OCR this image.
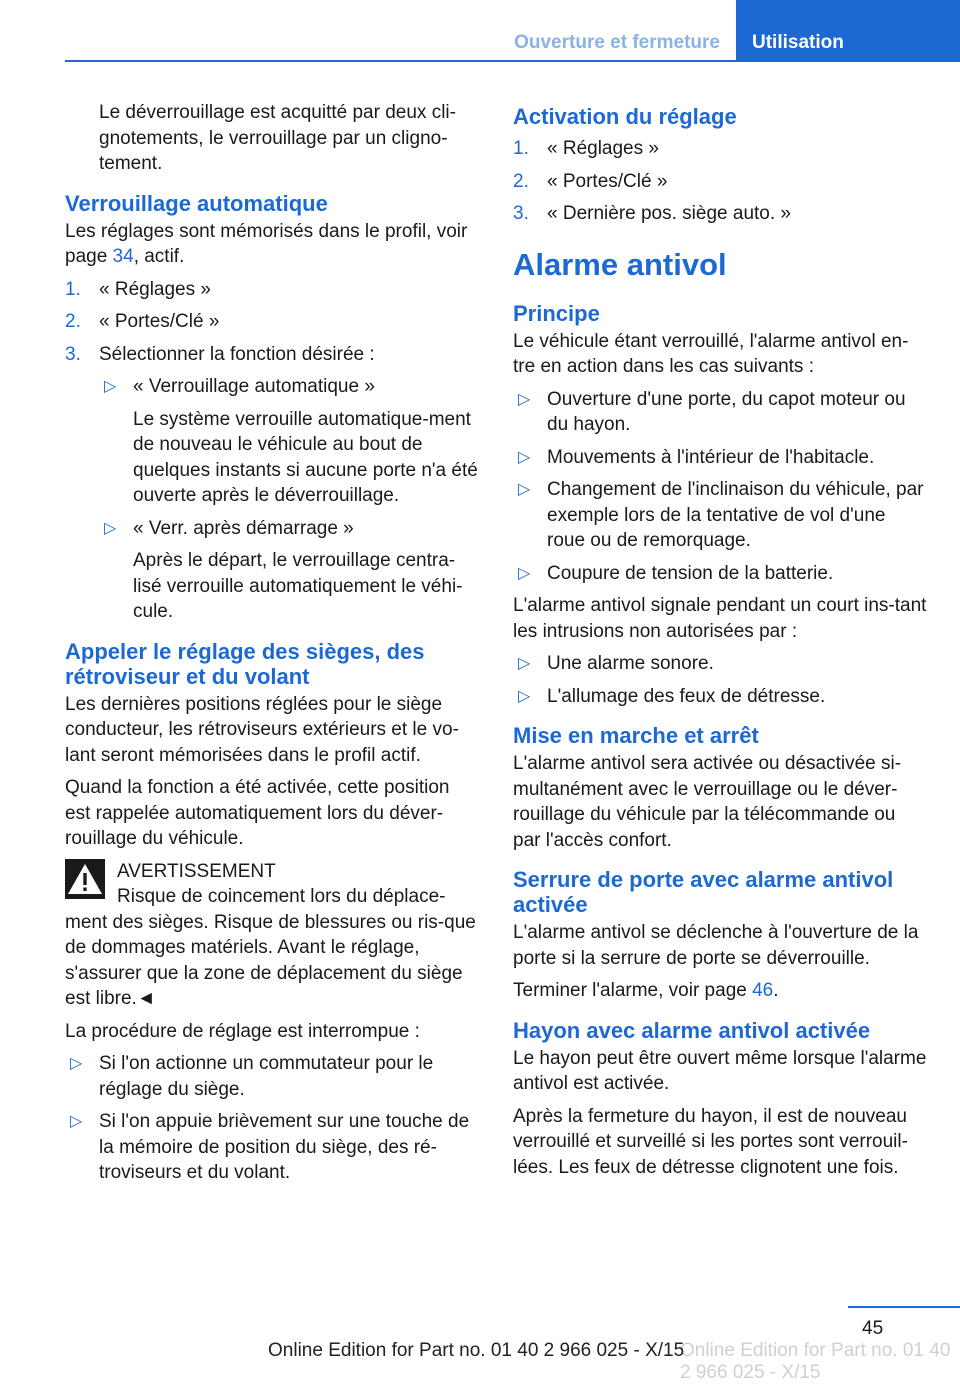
Ouverture et fermeture	Utilisation

Le déverrouillage est acquitté par deux cli-gnotements, le verrouillage par un cligno-tement.

Verrouillage automatique

Les réglages sont mémorisés dans le profil, voir page 34, actif.

1. « Réglages »
2. « Portes/Clé »
3. Sélectionner la fonction désirée :
▷ « Verrouillage automatique »

Le système verrouille automatique-ment de nouveau le véhicule au bout de quelques instants si aucune porte n'a été ouverte après le déverrouillage.

▷ « Verr. après démarrage »

Après le départ, le verrouillage centra-lisé verrouille automatiquement le véhi-cule.

Appeler le réglage des sièges, des rétroviseur et du volant

Les dernières positions réglées pour le siège conducteur, les rétroviseurs extérieurs et le vo-lant seront mémorisées dans le profil actif.

Quand la fonction a été activée, cette position est rappelée automatiquement lors du déver-rouillage du véhicule.

AVERTISSEMENT
Risque de coincement lors du déplace-
ment des sièges. Risque de blessures ou ris-que de dommages matériels. Avant le réglage, s'assurer que la zone de déplacement du siège est libre.◄

La procédure de réglage est interrompue :

▷ Si l'on actionne un commutateur pour le réglage du siège.
▷ Si l'on appuie brièvement sur une touche de la mémoire de position du siège, des ré-troviseurs et du volant.
Activation du réglage
1. « Réglages »
2. « Portes/Clé »
3. « Dernière pos. siège auto. »
Alarme antivol
Principe

Le véhicule étant verrouillé, l'alarme antivol en-tre en action dans les cas suivants :

▷ Ouverture d'une porte, du capot moteur ou du hayon.
▷ Mouvements à l'intérieur de l'habitacle.
▷ Changement de l'inclinaison du véhicule, par exemple lors de la tentative de vol d'une roue ou de remorquage.
▷ Coupure de tension de la batterie.

L'alarme antivol signale pendant un court ins-tant les intrusions non autorisées par :

▷ Une alarme sonore.
▷ L'allumage des feux de détresse.
Mise en marche et arrêt

L'alarme antivol sera activée ou désactivée si-multanément avec le verrouillage ou le déver-rouillage du véhicule par la télécommande ou par l'accès confort.

Serrure de porte avec alarme antivol activée

L'alarme antivol se déclenche à l'ouverture de la porte si la serrure de porte se déverrouille.

Terminer l'alarme, voir page 46.

Hayon avec alarme antivol activée

Le hayon peut être ouvert même lorsque l'alarme antivol est activée.

Après la fermeture du hayon, il est de nouveau verrouillé et surveillé si les portes sont verrouil-lées. Les feux de détresse clignotent une fois.

45
Online Edition for Part no. 01 40 2 966 025 - X/15
Online Edition for Part no. 01 40 2 966 025 - X/15
